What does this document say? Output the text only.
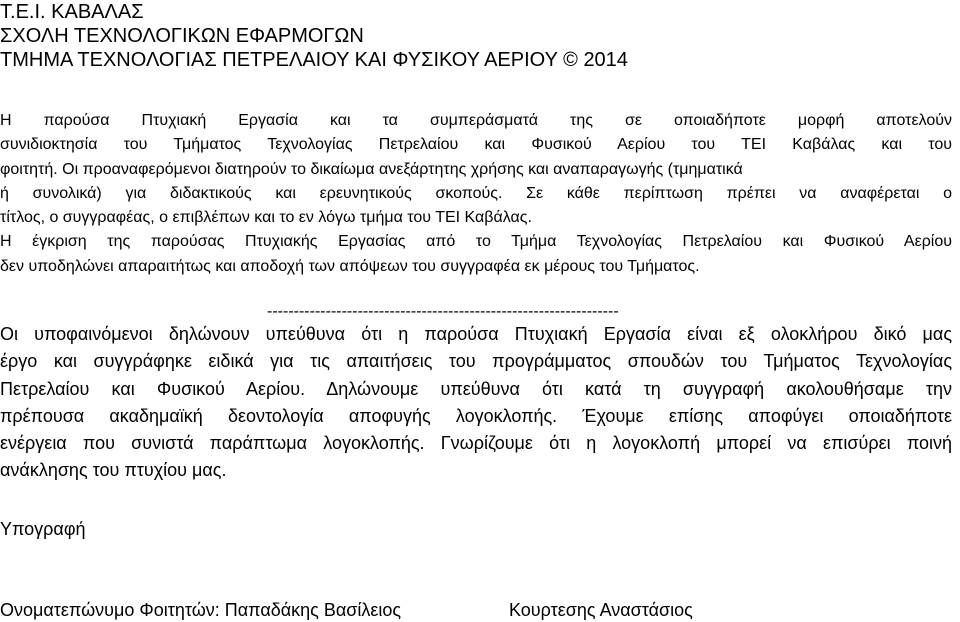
Τ.Ε.Ι. ΚΑΒΑΛΑΣ
ΣΧΟΛΗ ΤΕΧΝΟΛΟΓΙΚΩΝ ΕΦΑΡΜΟΓΩΝ
ΤΜΗΜΑ ΤΕΧΝΟΛΟΓΙΑΣ ΠΕΤΡΕΛΑΙΟΥ ΚΑΙ ΦΥΣΙΚΟΥ ΑΕΡΙΟΥ © 2014
Η παρούσα Πτυχιακή Εργασία και τα συμπεράσματά της σε οποιαδήποτε μορφή αποτελούν
συνιδιοκτησία του Τμήματος Τεχνολογίας Πετρελαίου και Φυσικού Αερίου του ΤΕΙ Καβάλας και του
φοιτητή. Οι προαναφερόμενοι διατηρούν το δικαίωμα ανεξάρτητης χρήσης και αναπαραγωγής (τμηματικά
ή συνολικά) για διδακτικούς και ερευνητικούς σκοπούς. Σε κάθε περίπτωση πρέπει να αναφέρεται ο
τίτλος, ο συγγραφέας, ο επιβλέπων και το εν λόγω τμήμα του ΤΕΙ Καβάλας.
Η έγκριση της παρούσας Πτυχιακής Εργασίας από το Τμήμα Τεχνολογίας Πετρελαίου και Φυσικού Αερίου
δεν υποδηλώνει απαραιτήτως και αποδοχή των απόψεων του συγγραφέα εκ μέρους του Τμήματος.
------------------------------------------------------------------
Οι υποφαινόμενοι δηλώνουν υπεύθυνα ότι η παρούσα Πτυχιακή Εργασία είναι εξ ολοκλήρου δικό μας
έργο και συγγράφηκε ειδικά για τις απαιτήσεις του προγράμματος σπουδών του Τμήματος Τεχνολογίας
Πετρελαίου και Φυσικού Αερίου. Δηλώνουμε υπεύθυνα ότι κατά τη συγγραφή ακολουθήσαμε την
πρέπουσα ακαδημαϊκή δεοντολογία αποφυγής λογοκλοπής. Έχουμε επίσης αποφύγει οποιαδήποτε
ενέργεια που συνιστά παράπτωμα λογοκλοπής. Γνωρίζουμε ότι η λογοκλοπή μπορεί να επισύρει ποινή
ανάκλησης του πτυχίου μας.
Υπογραφή
Ονοματεπώνυμο Φοιτητών: Παπαδάκης Βασίλειος	Κουρτεσης Αναστάσιος
